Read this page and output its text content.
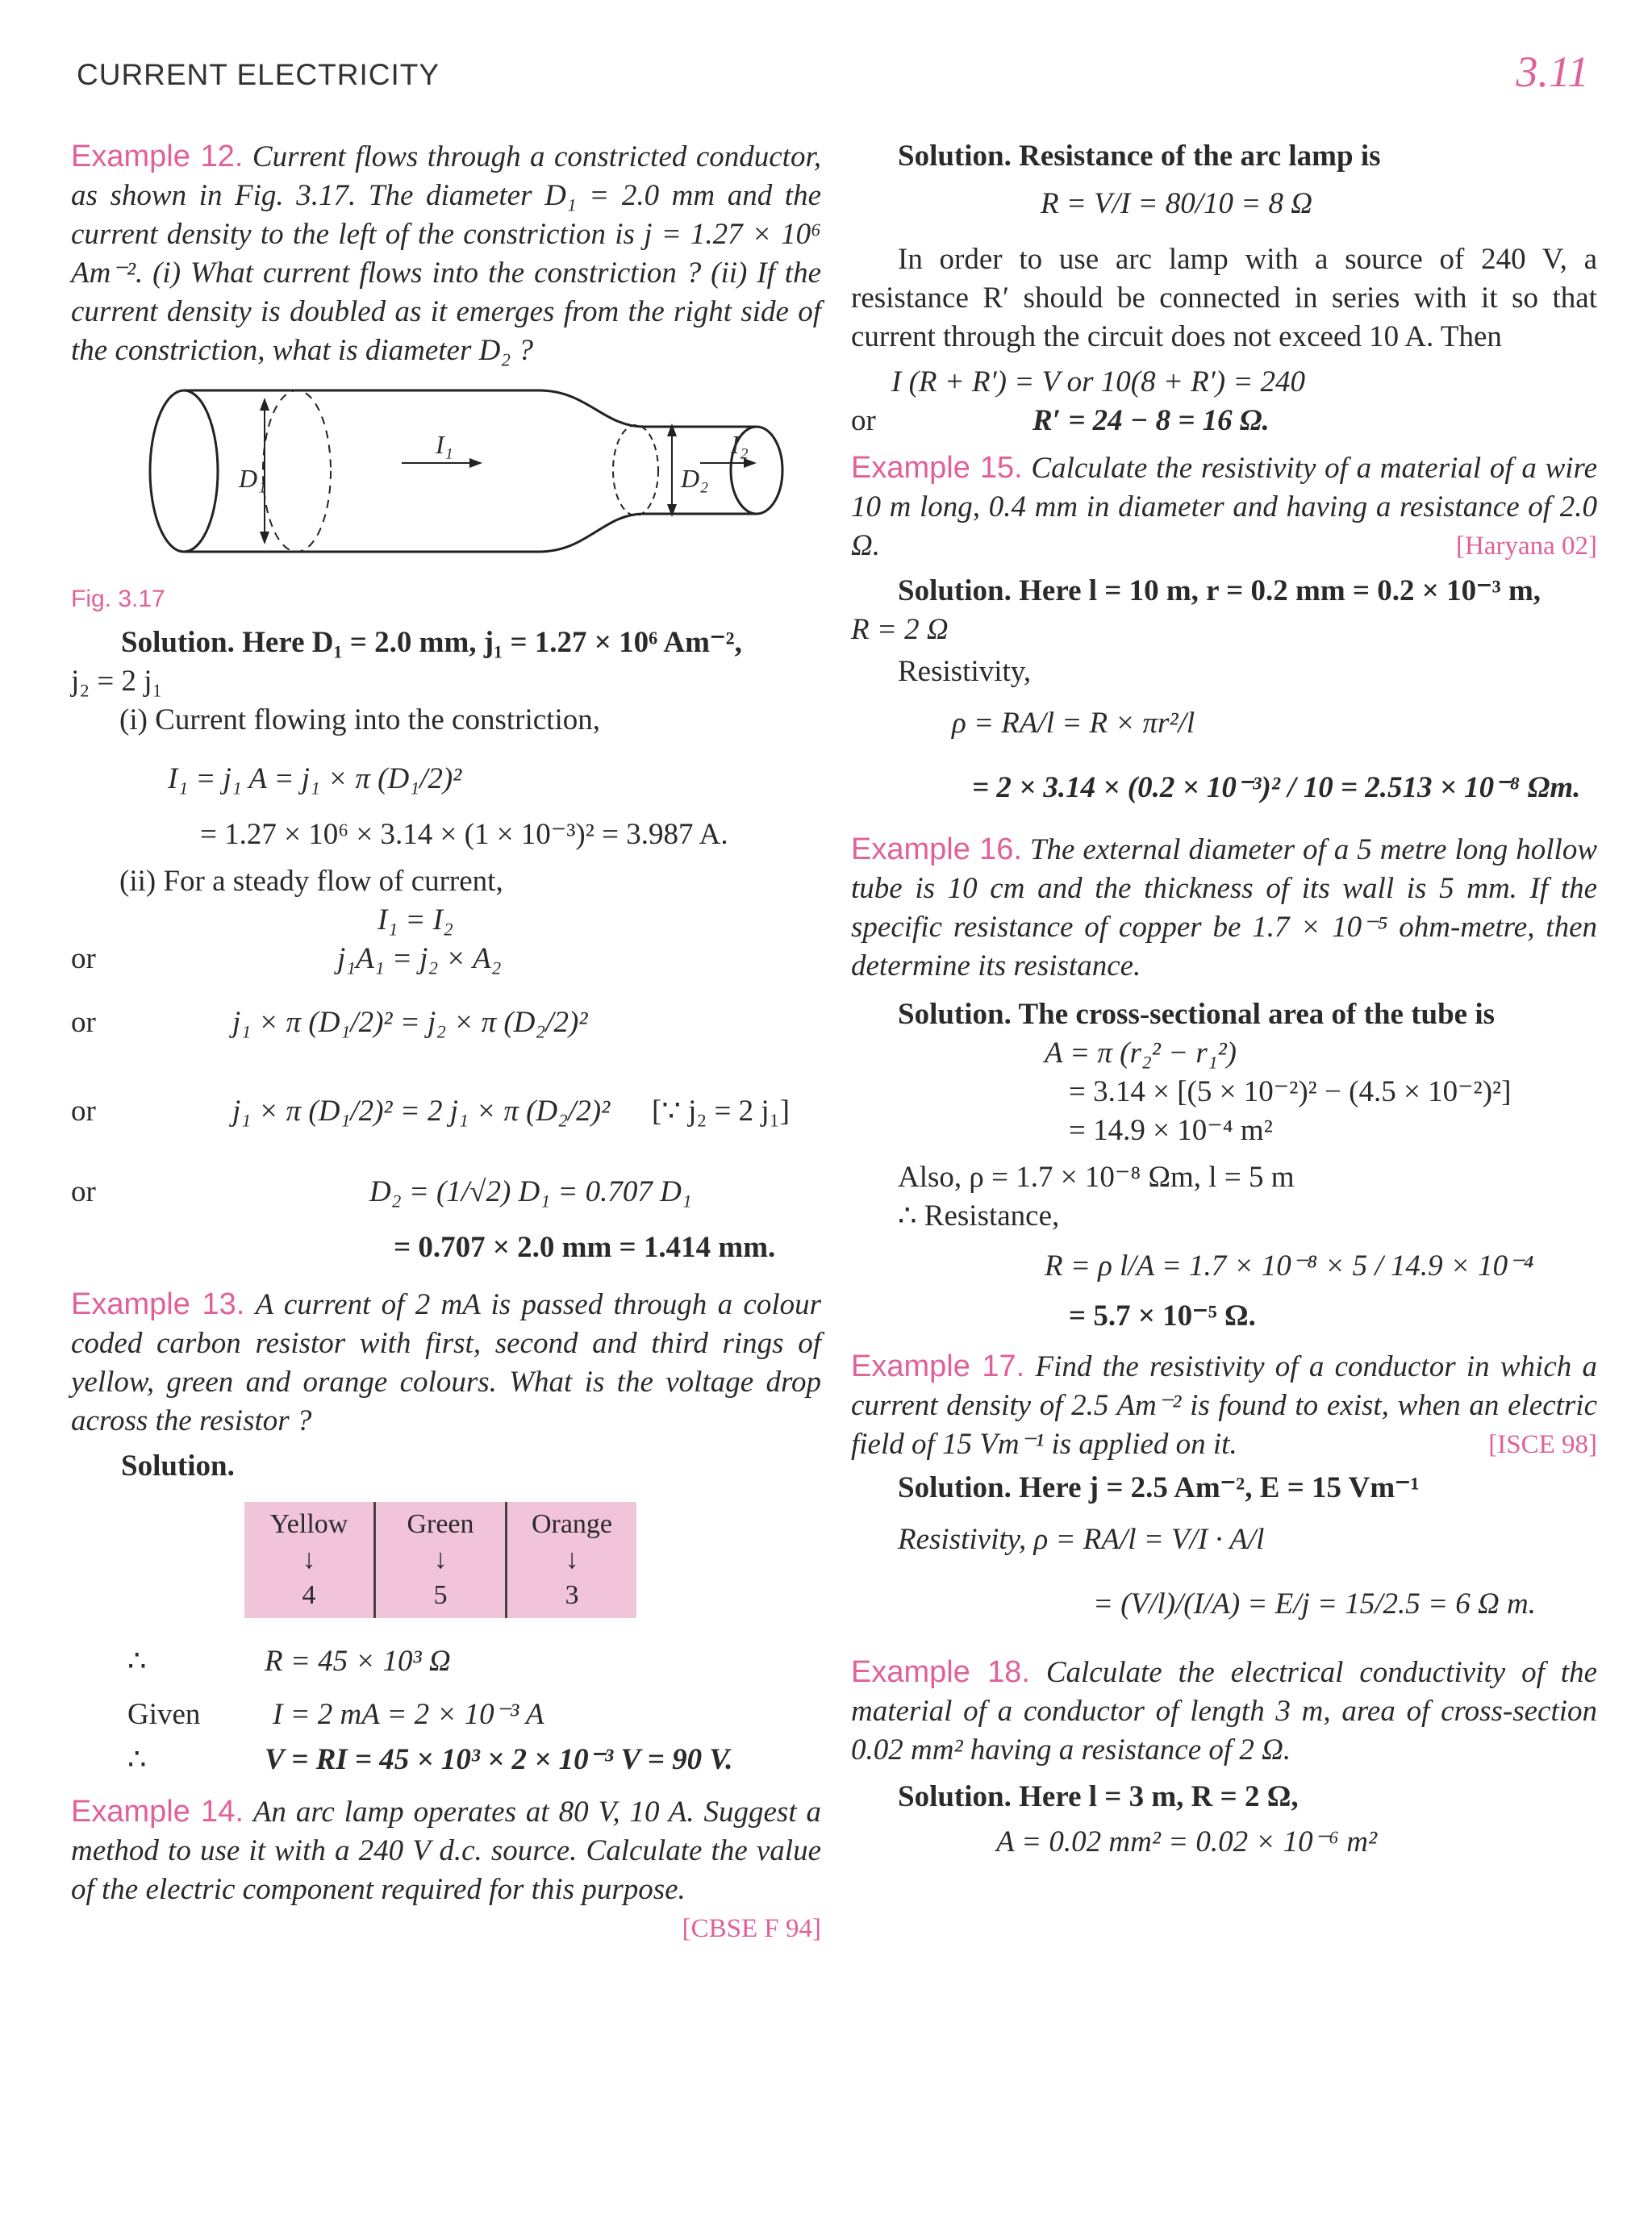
CURRENT ELECTRICITY	3.11

Example 12. Current flows through a constricted conductor, as shown in Fig. 3.17. The diameter D₁ = 2.0 mm and the current density to the left of the constriction is j = 1.27 × 10⁶ Am⁻². (i) What current flows into the constriction ? (ii) If the current density is doubled as it emerges from the right side of the constriction, what is diameter D₂ ?

D₁
I₁
D₂
I₂
Fig. 3.17
Solution. Here D₁ = 2.0 mm, j₁ = 1.27 × 10⁶ Am⁻²,
j₂ = 2 j₁
(i) Current flowing into the constriction,
I₁ = j₁ A = j₁ × π (D₁/2)²
= 1.27 × 10⁶ × 3.14 × (1 × 10⁻³)² = 3.987 A.
(ii) For a steady flow of current,
I₁ = I₂
or	j₁A₁ = j₂ × A₂
or	j₁ × π (D₁/2)² = j₂ × π (D₂/2)²
or	j₁ × π (D₁/2)² = 2 j₁ × π (D₂/2)² [∵ j₂ = 2 j₁]
or	D₂ = (1/√2) D₁ = 0.707 D₁
= 0.707 × 2.0 mm = 1.414 mm.

Example 13. A current of 2 mA is passed through a colour coded carbon resistor with first, second and third rings of yellow, green and orange colours. What is the voltage drop across the resistor ?

Solution.
Yellow
↓
4	Green
↓
5	Orange
↓
3
∴	R = 45 × 10³ Ω
Given I = 2 mA = 2 × 10⁻³ A
∴	V = RI = 45 × 10³ × 2 × 10⁻³ V = 90 V.

Example 14. An arc lamp operates at 80 V, 10 A. Suggest a method to use it with a 240 V d.c. source. Calculate the value of the electric component required for this purpose.
[CBSE F 94]

Solution. Resistance of the arc lamp is
R = V/I = 80/10 = 8 Ω

In order to use arc lamp with a source of 240 V, a resistance R′ should be connected in series with it so that current through the circuit does not exceed 10 A. Then

I (R + R′) = V or 10(8 + R′) = 240
or	R′ = 24 − 8 = 16 Ω.

Example 15. Calculate the resistivity of a material of a wire 10 m long, 0.4 mm in diameter and having a resistance of 2.0 Ω.	[Haryana 02]

Solution. Here l = 10 m, r = 0.2 mm = 0.2 × 10⁻³ m,
R = 2 Ω
Resistivity,
ρ = RA/l = R × πr²/l
= 2 × 3.14 × (0.2 × 10⁻³)² / 10 = 2.513 × 10⁻⁸ Ωm.

Example 16. The external diameter of a 5 metre long hollow tube is 10 cm and the thickness of its wall is 5 mm. If the specific resistance of copper be 1.7 × 10⁻⁵ ohm-metre, then determine its resistance.

Solution. The cross-sectional area of the tube is
A = π (r₂² − r₁²)
= 3.14 × [(5 × 10⁻²)² − (4.5 × 10⁻²)²]
= 14.9 × 10⁻⁴ m²
Also, ρ = 1.7 × 10⁻⁸ Ωm, l = 5 m
∴ Resistance,
R = ρ l/A = 1.7 × 10⁻⁸ × 5 / 14.9 × 10⁻⁴
= 5.7 × 10⁻⁵ Ω.

Example 17. Find the resistivity of a conductor in which a current density of 2.5 Am⁻² is found to exist, when an electric field of 15 Vm⁻¹ is applied on it.	[ISCE 98]

Solution. Here j = 2.5 Am⁻², E = 15 Vm⁻¹
Resistivity, ρ = RA/l = V/I · A/l
= (V/l)/(I/A) = E/j = 15/2.5 = 6 Ω m.

Example 18. Calculate the electrical conductivity of the material of a conductor of length 3 m, area of cross-section 0.02 mm² having a resistance of 2 Ω.

Solution. Here l = 3 m, R = 2 Ω,
A = 0.02 mm² = 0.02 × 10⁻⁶ m²
